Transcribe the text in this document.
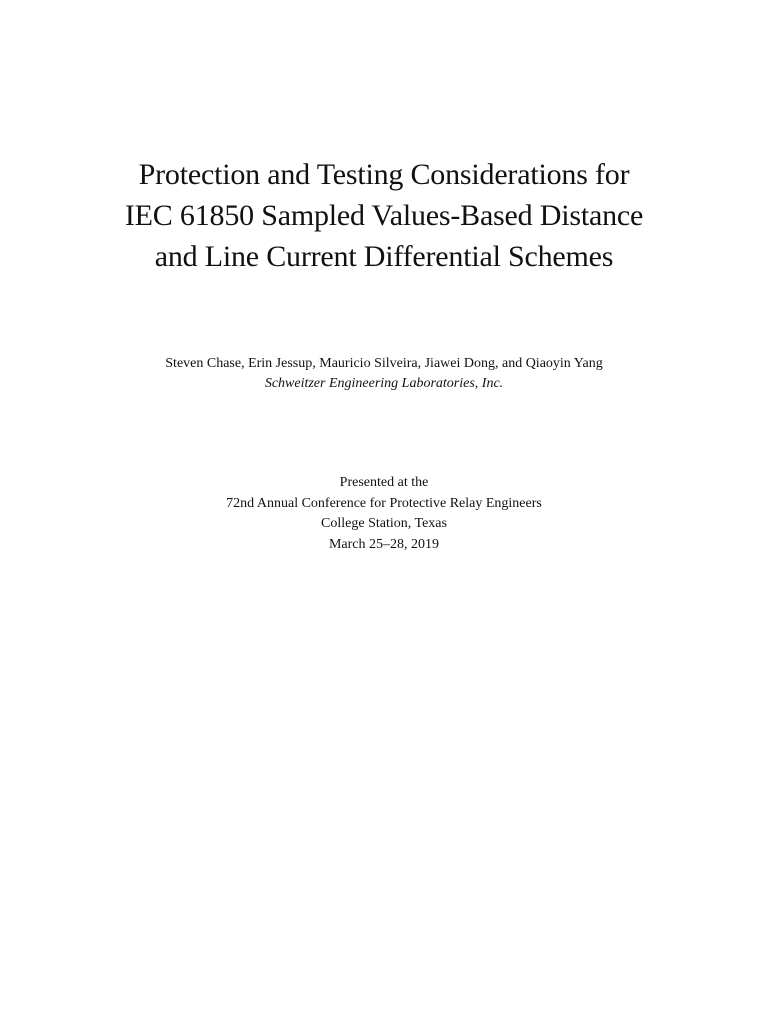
Protection and Testing Considerations for
IEC 61850 Sampled Values-Based Distance
and Line Current Differential Schemes
Steven Chase, Erin Jessup, Mauricio Silveira, Jiawei Dong, and Qiaoyin Yang
Schweitzer Engineering Laboratories, Inc.
Presented at the
72nd Annual Conference for Protective Relay Engineers
College Station, Texas
March 25–28, 2019
